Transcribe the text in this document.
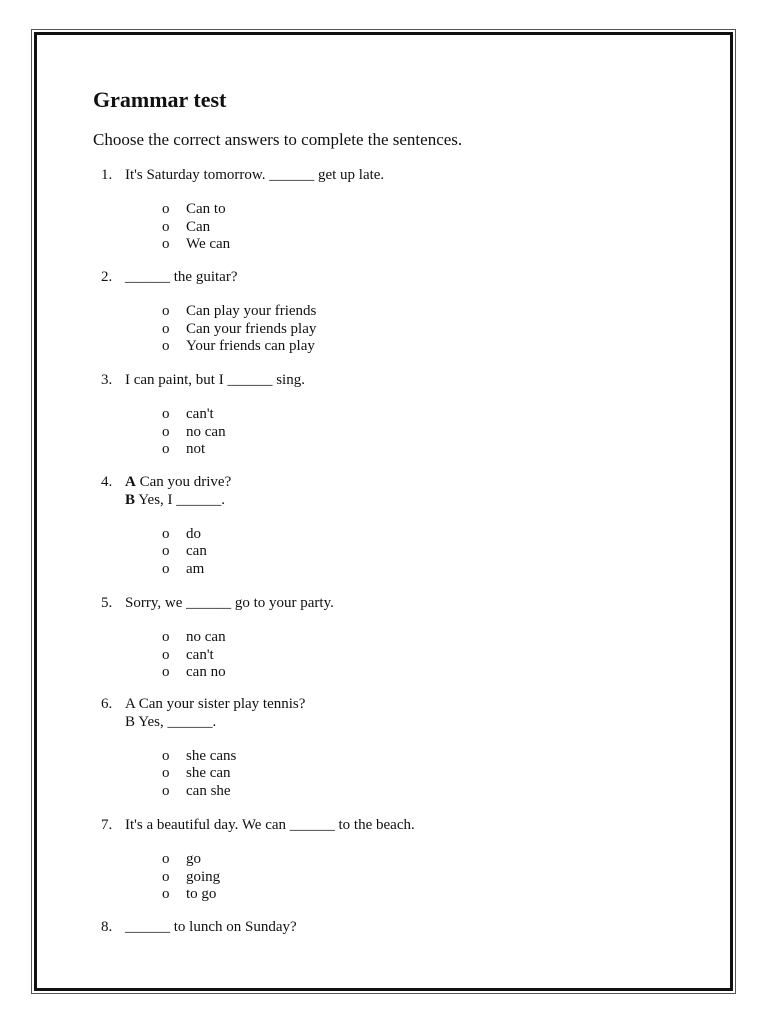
Grammar test

Choose the correct answers to complete the sentences.

1. It's Saturday tomorrow. ______ get up late.
o Can to
o Can
o We can
2. ______ the guitar?
o Can play your friends
o Can your friends play
o Your friends can play
3. I can paint, but I ______ sing.
o can't
o no can
o not
4. A Can you drive?
B Yes, I ______.
o do
o can
o am
5. Sorry, we ______ go to your party.
o no can
o can't
o can no
6. A Can your sister play tennis?
B Yes, ______.
o she cans
o she can
o can she
7. It's a beautiful day. We can ______ to the beach.
o go
o going
o to go
8. ______ to lunch on Sunday?
